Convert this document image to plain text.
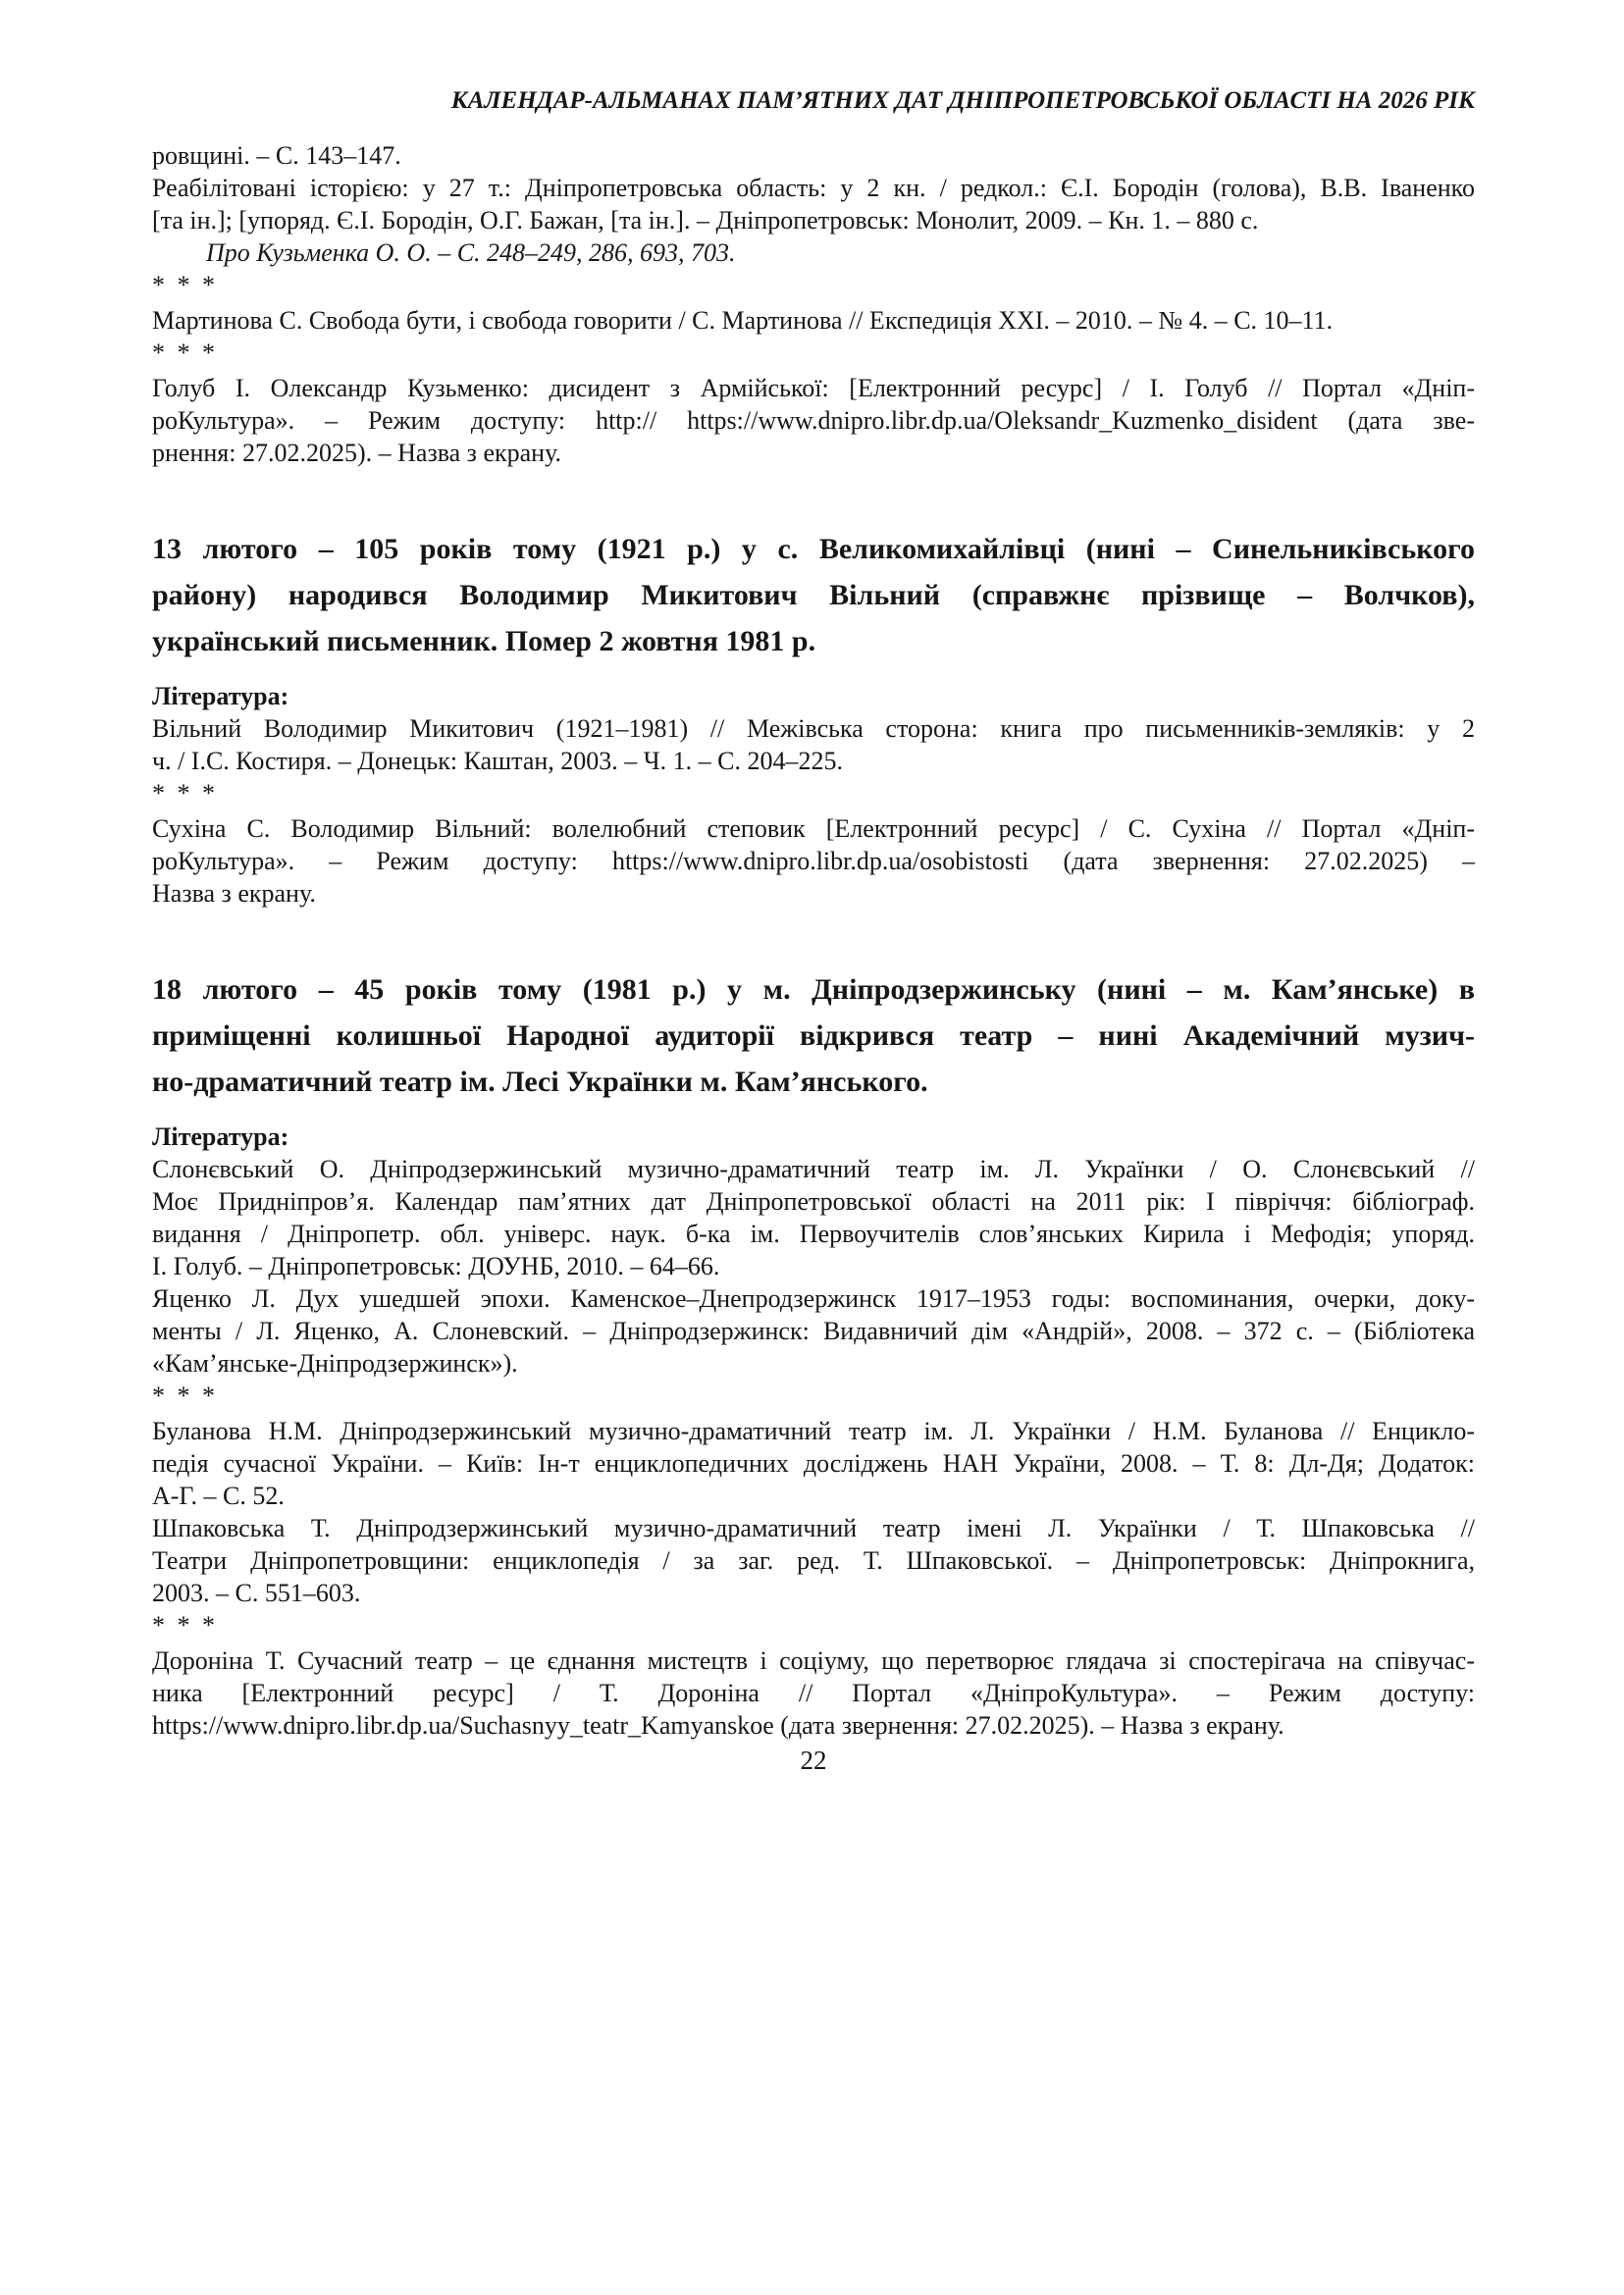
КАЛЕНДАР-АЛЬМАНАХ ПАМ’ЯТНИХ ДАТ ДНІПРОПЕТРОВСЬКОЇ ОБЛАСТІ НА 2026 РІК
ровщині. – С. 143–147.
Реабілітовані історією: у 27 т.: Дніпропетровська область: у 2 кн. / редкол.: Є.І. Бородін (голова), В.В. Іваненко
[та ін.]; [упоряд. Є.І. Бородін, О.Г. Бажан, [та ін.]. – Дніпропетровськ: Монолит, 2009. – Кн. 1. – 880 с.
Про Кузьменка О. О. – С. 248–249, 286, 693, 703.
* * *
Мартинова С. Свобода бути, і свобода говорити / С. Мартинова // Експедиція XXI. – 2010. – № 4. – С. 10–11.
* * *
Голуб І. Олександр Кузьменко: дисидент з Армійської: [Електронний ресурс] / І. Голуб // Портал «Дніп-
роКультура». – Режим доступу: http:// https://www.dnipro.libr.dp.ua/Oleksandr_Kuzmenko_disident (дата зве-
рнення: 27.02.2025). – Назва з екрану.
13 лютого – 105 років тому (1921 р.) у с. Великомихайлівці (нині – Синельниківського
району) народився Володимир Микитович Вільний (справжнє прізвище – Волчков),
український письменник. Помер 2 жовтня 1981 р.
Література:
Вільний Володимир Микитович (1921–1981) // Межівська сторона: книга про письменників-земляків: у 2
ч. / І.С. Костиря. – Донецьк: Каштан, 2003. – Ч. 1. – С. 204–225.
* * *
Сухіна С. Володимир Вільний: волелюбний степовик [Електронний ресурс] / С. Сухіна // Портал «Дніп-
роКультура». – Режим доступу: https://www.dnipro.libr.dp.ua/osobistosti (дата звернення: 27.02.2025) –
Назва з екрану.
18 лютого – 45 років тому (1981 р.) у м. Дніпродзержинську (нині – м. Кам’янське) в
приміщенні колишньої Народної аудиторії відкрився театр – нині Академічний музич-
но-драматичний театр ім. Лесі Українки м. Кам’янського.
Література:
Слонєвський О. Дніпродзержинський музично-драматичний театр ім. Л. Українки / О. Слонєвський //
Моє Придніпров’я. Календар пам’ятних дат Дніпропетровської області на 2011 рік: І півріччя: бібліограф.
видання / Дніпропетр. обл. універс. наук. б-ка ім. Первоучителів слов’янських Кирила і Мефодія; упоряд.
І. Голуб. – Дніпропетровськ: ДОУНБ, 2010. – 64–66.
Яценко Л. Дух ушедшей эпохи. Каменское–Днепродзержинск 1917–1953 годы: воспоминания, очерки, доку-
менты / Л. Яценко, А. Слоневский. – Дніпродзержинск: Видавничий дім «Андрій», 2008. – 372 с. – (Бібліотека
«Кам’янське-Дніпродзержинск»).
* * *
Буланова Н.М. Дніпродзержинський музично-драматичний театр ім. Л. Українки / Н.М. Буланова // Енцикло-
педія сучасної України. – Київ: Ін-т енциклопедичних досліджень НАН України, 2008. – Т. 8: Дл-Дя; Додаток:
А-Г. – С. 52.
Шпаковська Т. Дніпродзержинський музично-драматичний театр імені Л. Українки / Т. Шпаковська //
Театри Дніпропетровщини: енциклопедія / за заг. ред. Т. Шпаковської. – Дніпропетровськ: Дніпрокнига,
2003. – С. 551–603.
* * *
Дороніна Т. Сучасний театр – це єднання мистецтв і соціуму, що перетворює глядача зі спостерігача на співучас-
ника [Електронний ресурс] / Т. Дороніна // Портал «ДніпроКультура». – Режим доступу:
https://www.dnipro.libr.dp.ua/Suchasnyy_teatr_Kamyanskoe (дата звернення: 27.02.2025). – Назва з екрану.
22
